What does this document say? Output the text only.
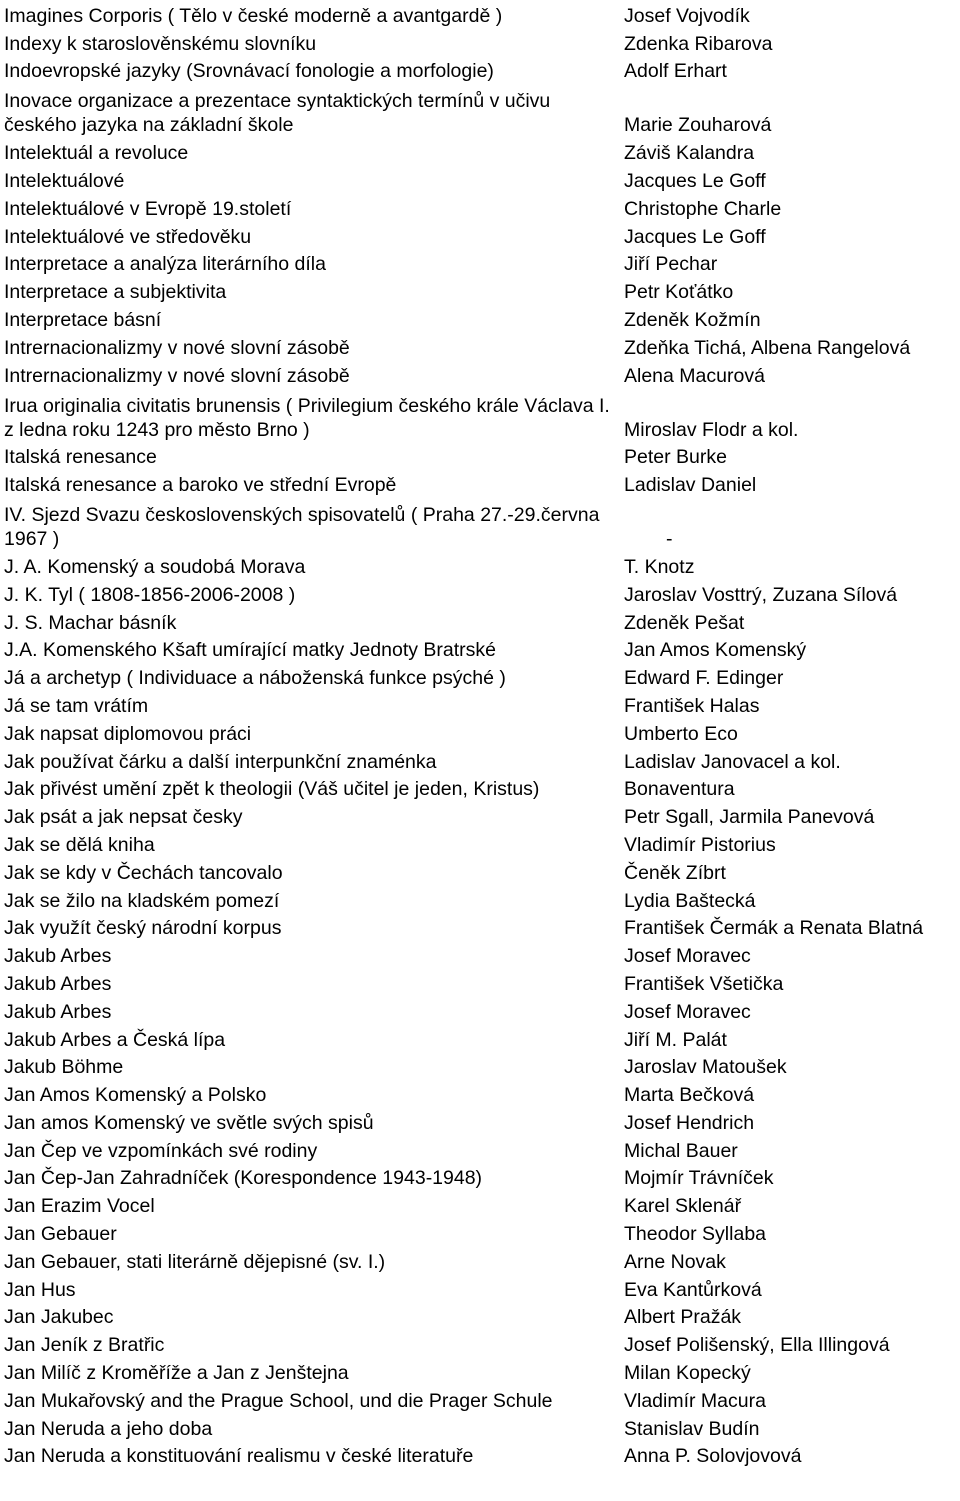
Imagines Corporis ( Tělo v české moderně a avantgardě )	Josef Vojvodík
Indexy k staroslověnskému slovníku	Zdenka Ribarova
Indoevropské jazyky (Srovnávací fonologie a morfologie)	Adolf Erhart
Inovace organizace a prezentace syntaktických termínů v učivu českého jazyka na základní škole	Marie Zouharová
Intelektuál a revoluce	Záviš Kalandra
Intelektuálové	Jacques Le Goff
Intelektuálové v Evropě 19.století	Christophe Charle
Intelektuálové ve středověku	Jacques Le Goff
Interpretace a analýza literárního díla	Jiří Pechar
Interpretace a subjektivita	Petr Koťátko
Interpretace básní	Zdeněk Kožmín
Intrernacionalizmy v nové slovní zásobě	Zdeňka Tichá, Albena Rangelová
Intrernacionalizmy v nové slovní zásobě	Alena Macurová
Irua originalia civitatis brunensis ( Privilegium českého krále Václava I. z ledna roku 1243 pro město Brno )	Miroslav Flodr a kol.
Italská renesance	Peter Burke
Italská renesance a baroko ve střední Evropě	Ladislav Daniel
IV. Sjezd Svazu československých spisovatelů ( Praha 27.-29.června 1967 )	-
J. A. Komenský a soudobá Morava	T. Knotz
J. K. Tyl ( 1808-1856-2006-2008 )	Jaroslav Vosttrý, Zuzana Sílová
J. S. Machar básník	Zdeněk Pešat
J.A. Komenského Kšaft umírající matky Jednoty Bratrské	Jan Amos Komenský
Já a archetyp ( Individuace a náboženská funkce psýché )	Edward F. Edinger
Já se tam vrátím	František Halas
Jak napsat diplomovou práci	Umberto Eco
Jak používat čárku a další interpunkční znaménka	Ladislav Janovacel a kol.
Jak přivést umění zpět k theologii (Váš učitel je jeden, Kristus)	Bonaventura
Jak psát a jak nepsat česky	Petr Sgall, Jarmila Panevová
Jak se dělá kniha	Vladimír Pistorius
Jak se kdy v Čechách tancovalo	Čeněk Zíbrt
Jak se žilo na kladském pomezí	Lydia Baštecká
Jak využít český národní korpus	František Čermák a Renata Blatná
Jakub Arbes	Josef Moravec
Jakub Arbes	František Všetička
Jakub Arbes	Josef Moravec
Jakub Arbes a Česká lípa	Jiří M. Palát
Jakub Böhme	Jaroslav Matoušek
Jan Amos Komenský a Polsko	Marta Bečková
Jan amos Komenský ve světle svých spisů	Josef Hendrich
Jan Čep ve vzpomínkách své rodiny	Michal Bauer
Jan Čep-Jan Zahradníček (Korespondence 1943-1948)	Mojmír Trávníček
Jan Erazim Vocel	Karel Sklenář
Jan Gebauer	Theodor Syllaba
Jan Gebauer, stati literárně dějepisné (sv. I.)	Arne Novak
Jan Hus	Eva Kantůrková
Jan Jakubec	Albert Pražák
Jan Jeník z Bratřic	Josef Polišenský, Ella Illingová
Jan Milíč z Kroměříže a Jan z Jenštejna	Milan Kopecký
Jan Mukařovský and the Prague School, und die Prager Schule	Vladimír Macura
Jan Neruda a jeho doba	Stanislav Budín
Jan Neruda a konstituování realismu v české literatuře	Anna P. Solovjovová
